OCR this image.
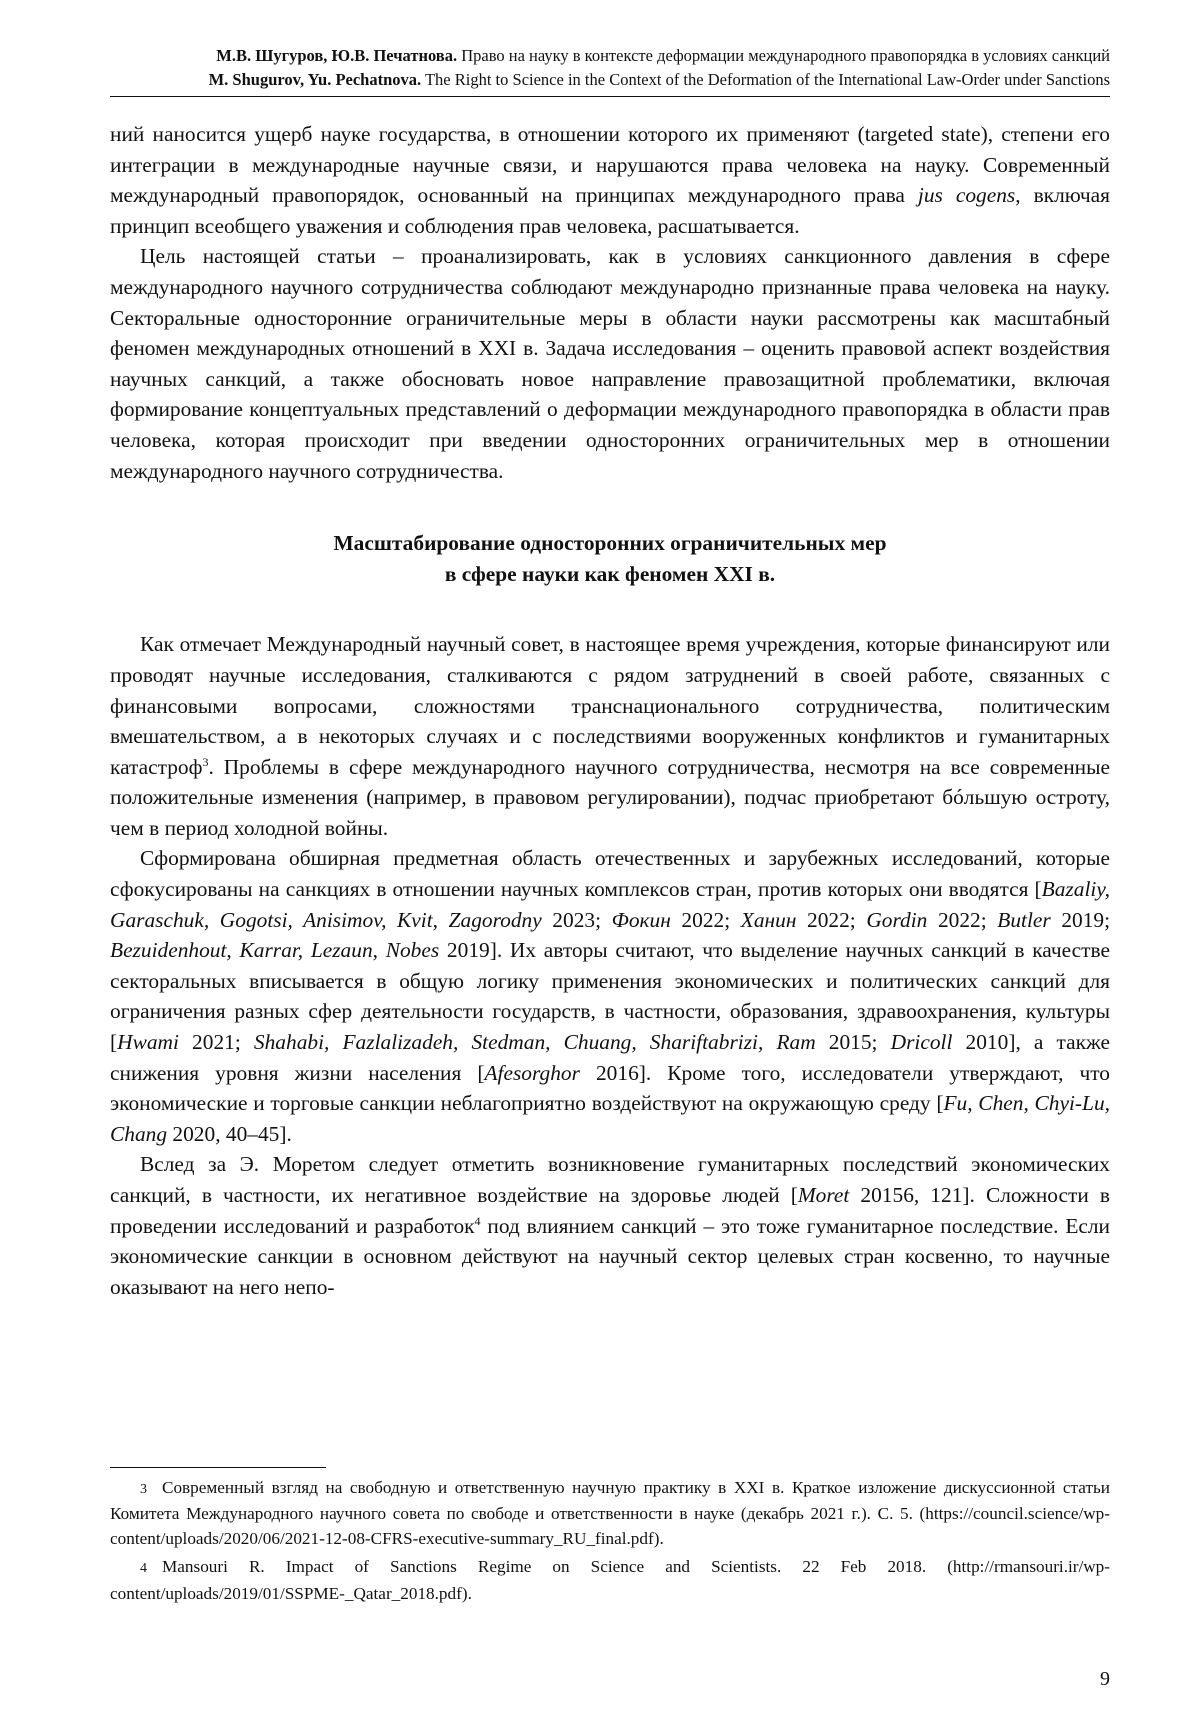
М.В. Шугуров, Ю.В. Печатнова. Право на науку в контексте деформации международного правопорядка в условиях санкций
M. Shugurov, Yu. Pechatnova. The Right to Science in the Context of the Deformation of the International Law-Order under Sanctions

ний наносится ущерб науке государства, в отношении которого их применяют (targeted state), степени его интеграции в международные научные связи, и нарушаются права человека на науку. Современный международный правопорядок, основанный на принципах международного права jus cogens, включая принцип всеобщего уважения и соблюдения прав человека, расшатывается.

Цель настоящей статьи – проанализировать, как в условиях санкционного давления в сфере международного научного сотрудничества соблюдают международно признанные права человека на науку. Секторальные односторонние ограничительные меры в области науки рассмотрены как масштабный феномен международных отношений в XXI в. Задача исследования – оценить правовой аспект воздействия научных санкций, а также обосновать новое направление правозащитной проблематики, включая формирование концептуальных представлений о деформации международного правопорядка в области прав человека, которая происходит при введении односторонних ограничительных мер в отношении международного научного сотрудничества.

Масштабирование односторонних ограничительных мер
в сфере науки как феномен XXI в.

Как отмечает Международный научный совет, в настоящее время учреждения, которые финансируют или проводят научные исследования, сталкиваются с рядом затруднений в своей работе, связанных с финансовыми вопросами, сложностями транснационального сотрудничества, политическим вмешательством, а в некоторых случаях и с последствиями вооруженных конфликтов и гуманитарных катастроф$^3$. Проблемы в сфере международного научного сотрудничества, несмотря на все современные положительные изменения (например, в правовом регулировании), подчас приобретают бóльшую остроту, чем в период холодной войны.

Сформирована обширная предметная область отечественных и зарубежных исследований, которые сфокусированы на санкциях в отношении научных комплексов стран, против которых они вводятся [Bazaliy, Garaschuk, Gogotsi, Anisimov, Kvit, Zagorodny 2023; Фокин 2022; Ханин 2022; Gordin 2022; Butler 2019; Bezuidenhout, Karrar, Lezaun, Nobes 2019]. Их авторы считают, что выделение научных санкций в качестве секторальных вписывается в общую логику применения экономических и политических санкций для ограничения разных сфер деятельности государств, в частности, образования, здравоохранения, культуры [Hwami 2021; Shahabi, Fazlalizadeh, Stedman, Chuang, Shariftabrizi, Ram 2015; Dricoll 2010], а также снижения уровня жизни населения [Afesorghor 2016]. Кроме того, исследователи утверждают, что экономические и торговые санкции неблагоприятно воздействуют на окружающую среду [Fu, Chen, Chyi-Lu, Chang 2020, 40–45].

Вслед за Э. Моретом следует отметить возникновение гуманитарных последствий экономических санкций, в частности, их негативное воздействие на здоровье людей [Moret 20156, 121]. Сложности в проведении исследований и разработок$^4$ под влиянием санкций – это тоже гуманитарное последствие. Если экономические санкции в основном действуют на научный сектор целевых стран косвенно, то научные оказывают на него непо-

3 Современный взгляд на свободную и ответственную научную практику в XXI в. Краткое изложение дискуссионной статьи Комитета Международного научного совета по свободе и ответственности в науке (декабрь 2021 г.). С. 5. (https://council.science/wp-content/uploads/2020/06/2021-12-08-CFRS-executive-summary_RU_final.pdf).

4 Mansouri R. Impact of Sanctions Regime on Science and Scientists. 22 Feb 2018. (http://rmansouri.ir/wp-content/uploads/2019/01/SSPME-_Qatar_2018.pdf).

9
